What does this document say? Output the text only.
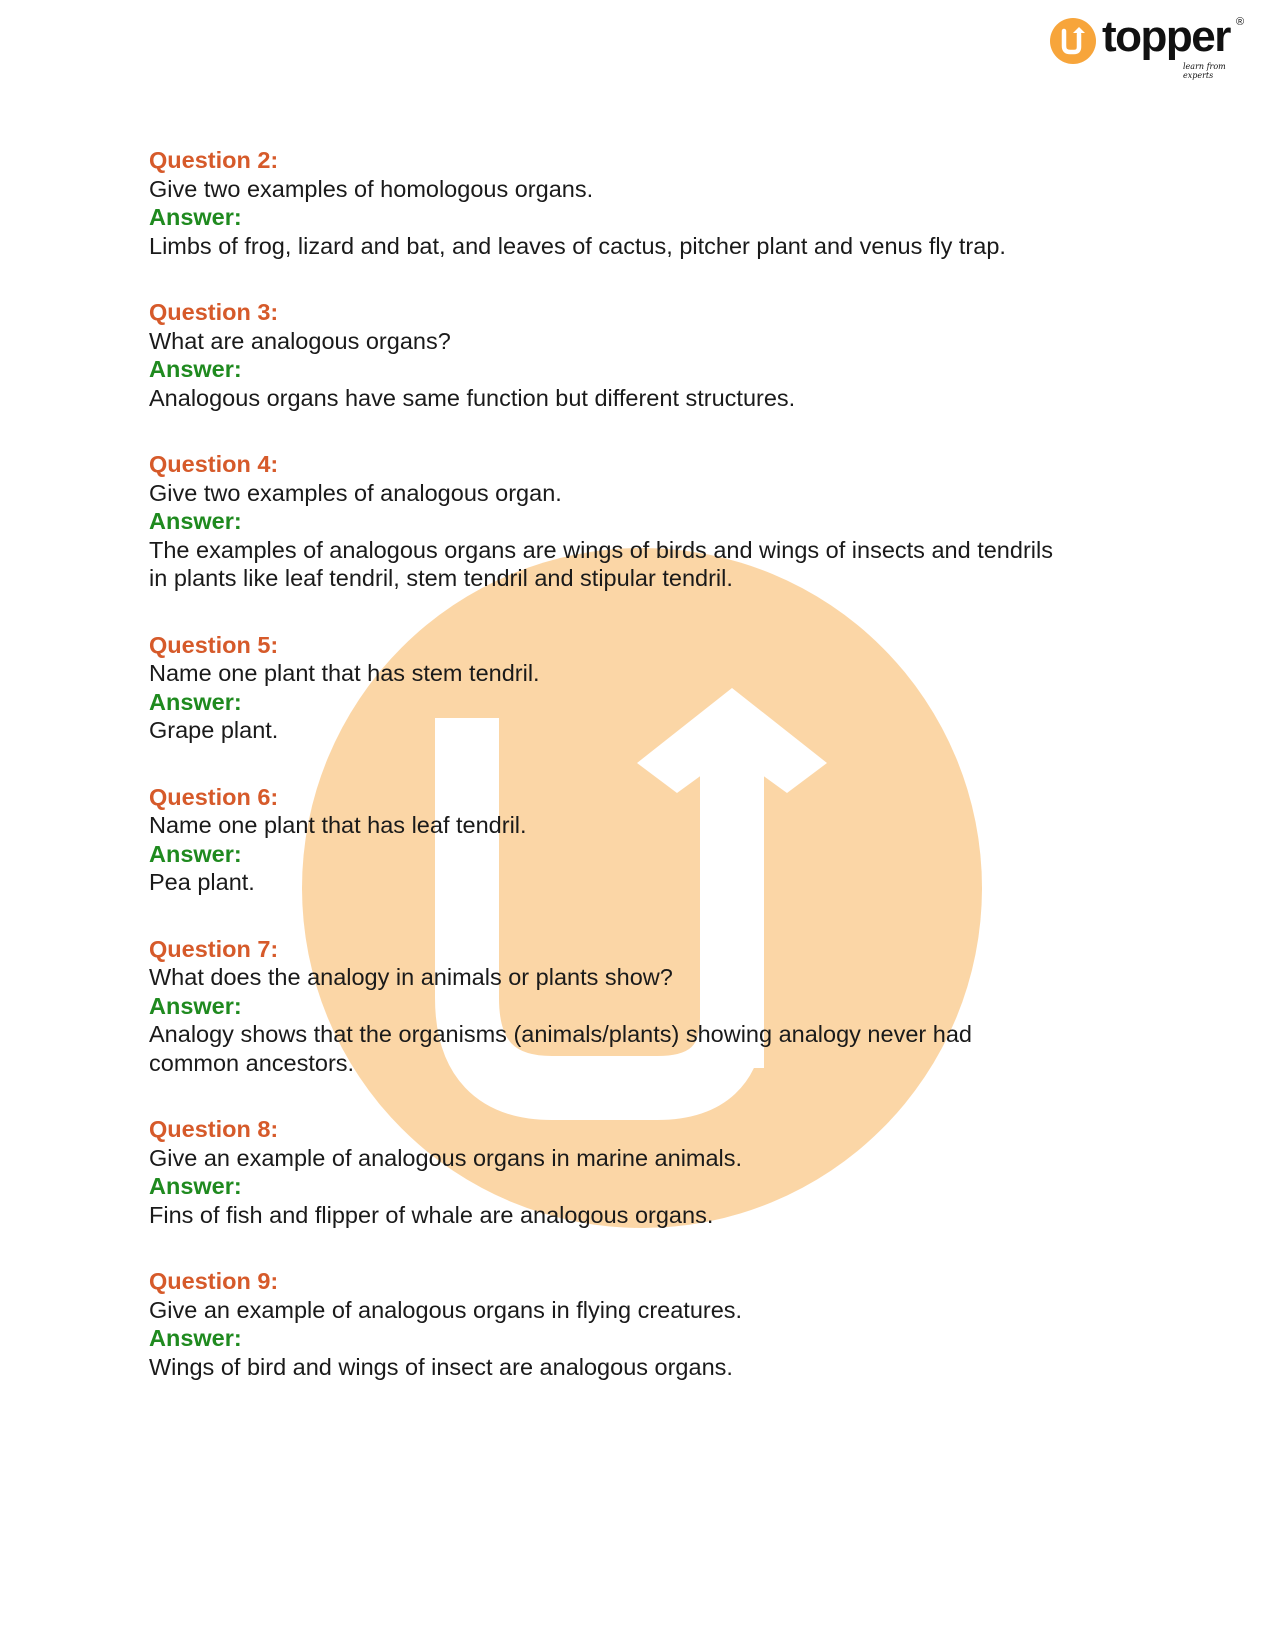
topper ®
learn from experts
Question 2:
Give two examples of homologous organs.
Answer:
Limbs of frog, lizard and bat, and leaves of cactus, pitcher plant and venus fly trap.
Question 3:
What are analogous organs?
Answer:
Analogous organs have same function but different structures.
Question 4:
Give two examples of analogous organ.
Answer:
The examples of analogous organs are wings of birds and wings of insects and tendrils
in plants like leaf tendril, stem tendril and stipular tendril.
Question 5:
Name one plant that has stem tendril.
Answer:
Grape plant.
Question 6:
Name one plant that has leaf tendril.
Answer:
Pea plant.
Question 7:
What does the analogy in animals or plants show?
Answer:
Analogy shows that the organisms (animals/plants) showing analogy never had
common ancestors.
Question 8:
Give an example of analogous organs in marine animals.
Answer:
Fins of fish and flipper of whale are analogous organs.
Question 9:
Give an example of analogous organs in flying creatures.
Answer:
Wings of bird and wings of insect are analogous organs.
